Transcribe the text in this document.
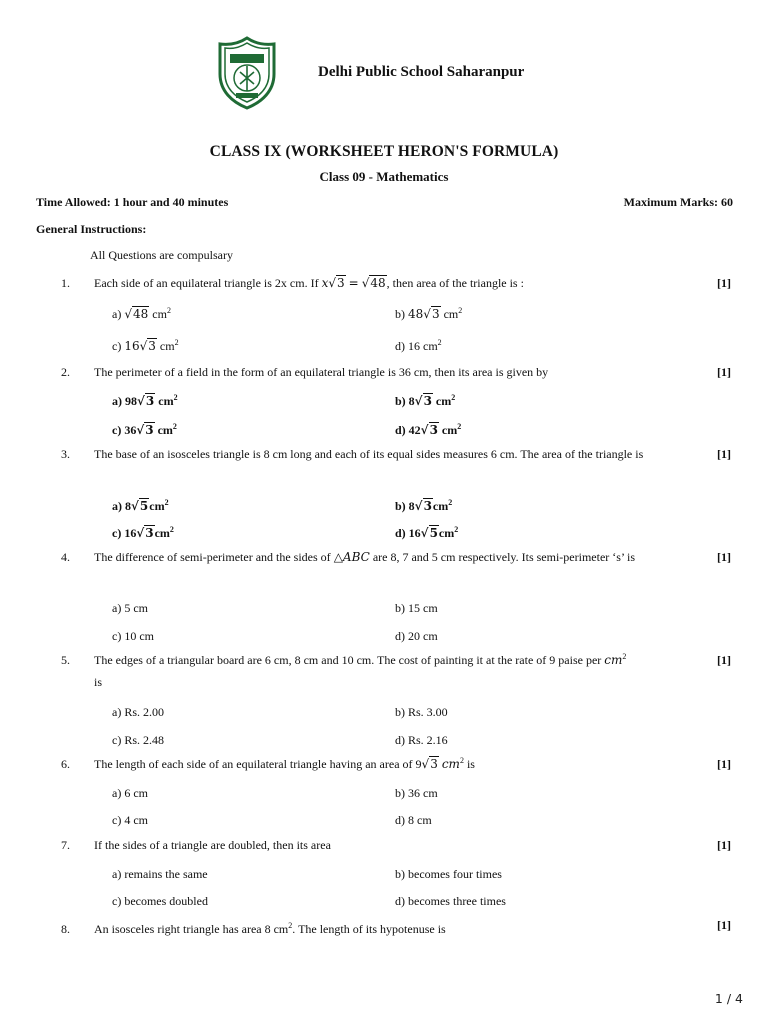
Delhi Public School Saharanpur
CLASS IX (WORKSHEET HERON'S FORMULA)
Class 09 - Mathematics
Time Allowed: 1 hour and 40 minutes	Maximum Marks: 60
General Instructions:
All Questions are compulsary
1. Each side of an equilateral triangle is 2x cm. If x√3 = √48, then area of the triangle is :	[1]
a) √48 $cm^2$	b) 48√3 $cm^2$
c) 16√3 $cm^2$	d) 16 $cm^2$
2. The perimeter of a field in the form of an equilateral triangle is 36 cm, then its area is given by	[1]
a) 98√3 $cm^2$	b) 8√3 $cm^2$
c) 36√3 $cm^2$	d) 42√3 $cm^2$
3. The base of an isosceles triangle is 8 cm long and each of its equal sides measures 6 cm. The area of the triangle is	[1]
a) $8√5cm^2$	b) $8√3cm^2$
c) $16√3cm^2$	d) $16√5cm^2$
4. The difference of semi-perimeter and the sides of △ABC are 8, 7 and 5 cm respectively. Its semi-perimeter ‘s’ is	[1]
a) 5 cm	b) 15 cm
c) 10 cm	d) 20 cm
5. The edges of a triangular board are 6 cm, 8 cm and 10 cm. The cost of painting it at the rate of 9 paise per $cm^2$
is
[1]
a) Rs. 2.00	b) Rs. 3.00
c) Rs. 2.48	d) Rs. 2.16
6. The length of each side of an equilateral triangle having an area of 9√3 $cm^2$ is	[1]
a) 6 cm	b) 36 cm
c) 4 cm	d) 8 cm
7. If the sides of a triangle are doubled, then its area	[1]
a) remains the same	b) becomes four times
c) becomes doubled	d) becomes three times
8. An isosceles right triangle has area 8 $cm^2$. The length of its hypotenuse is	[1]
1 / 4
